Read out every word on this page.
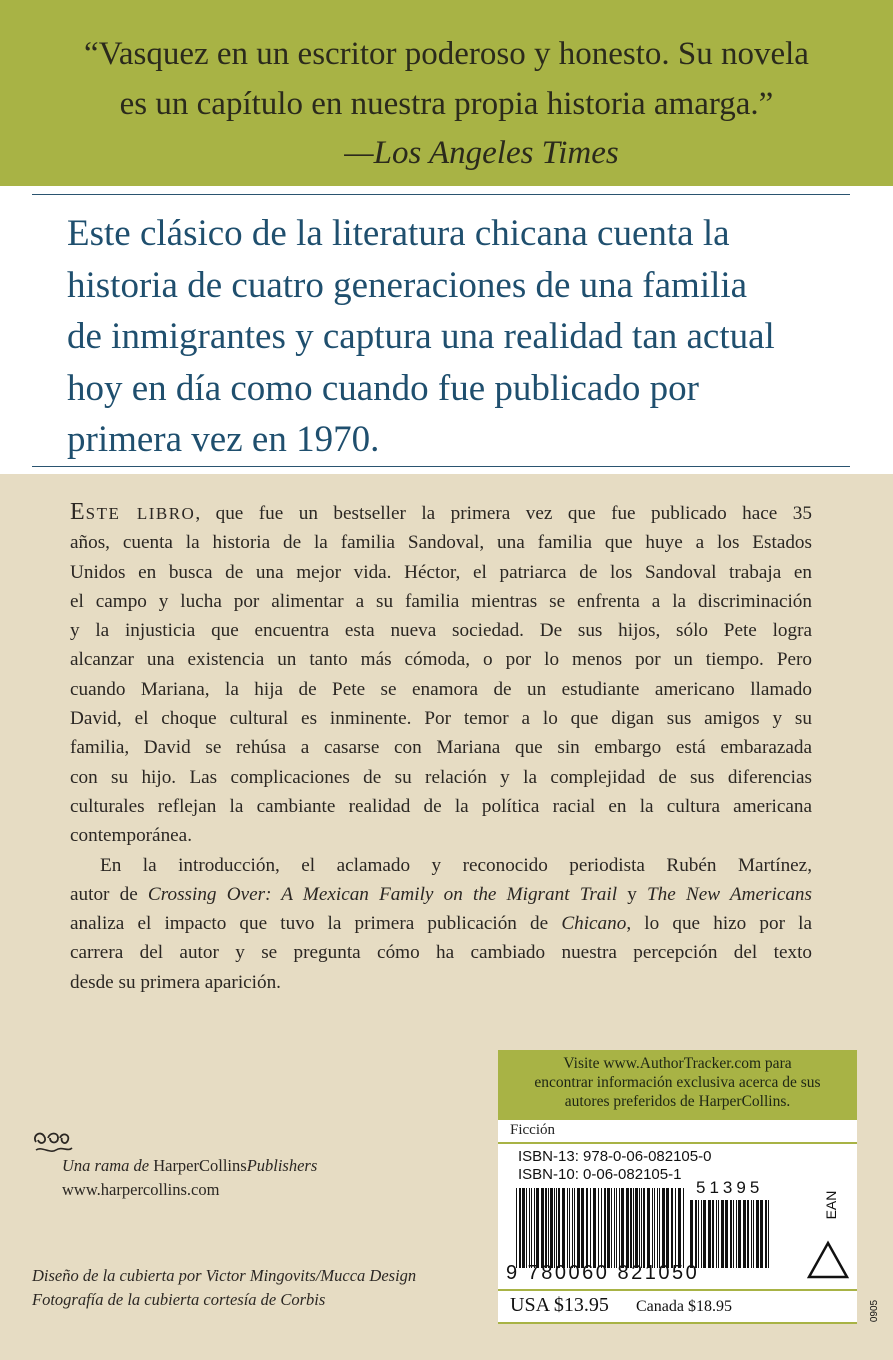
“Vasquez en un escritor poderoso y honesto. Su novela
es un capítulo en nuestra propia historia amarga.”
—Los Angeles Times
Este clásico de la literatura chicana cuenta la
historia de cuatro generaciones de una familia
de inmigrantes y captura una realidad tan actual
hoy en día como cuando fue publicado por
primera vez en 1970.
ESTE LIBRO, que fue un bestseller la primera vez que fue publicado hace 35
años, cuenta la historia de la familia Sandoval, una familia que huye a los Estados
Unidos en busca de una mejor vida. Héctor, el patriarca de los Sandoval trabaja en
el campo y lucha por alimentar a su familia mientras se enfrenta a la discriminación
y la injusticia que encuentra esta nueva sociedad. De sus hijos, sólo Pete logra
alcanzar una existencia un tanto más cómoda, o por lo menos por un tiempo. Pero
cuando Mariana, la hija de Pete se enamora de un estudiante americano llamado
David, el choque cultural es inminente. Por temor a lo que digan sus amigos y su
familia, David se rehúsa a casarse con Mariana que sin embargo está embarazada
con su hijo. Las complicaciones de su relación y la complejidad de sus diferencias
culturales reflejan la cambiante realidad de la política racial en la cultura americana
contemporánea.
En la introducción, el aclamado y reconocido periodista Rubén Martínez,
autor de Crossing Over: A Mexican Family on the Migrant Trail y The New Americans
analiza el impacto que tuvo la primera publicación de Chicano, lo que hizo por la
carrera del autor y se pregunta cómo ha cambiado nuestra percepción del texto
desde su primera aparición.
Visite www.AuthorTracker.com para
encontrar información exclusiva acerca de sus
autores preferidos de HarperCollins.
Ficción
ISBN-13: 978-0-06-082105-0
ISBN-10: 0-06-082105-1
51395
9 780060 821050
EAN
USA $13.95 Canada $18.95	0905
Una rama de HarperCollinsPublishers
www.harpercollins.com
Diseño de la cubierta por Victor Mingovits/Mucca Design
Fotografía de la cubierta cortesía de Corbis
